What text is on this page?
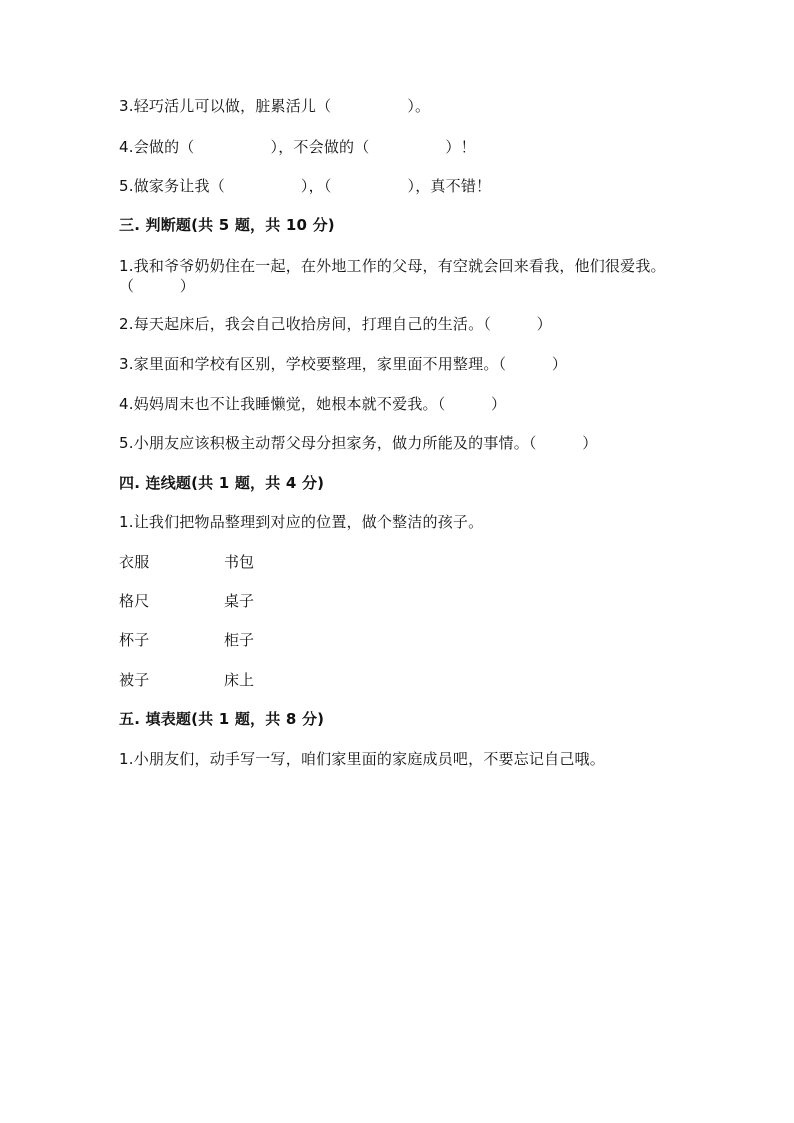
3.轻巧活儿可以做，脏累活儿（　　　　　）。
4.会做的（　　　　　），不会做的（　　　　　）！
5.做家务让我（　　　　　），（　　　　　），真不错！
三. 判断题(共 5 题，共 10 分)
1.我和爷爷奶奶住在一起，在外地工作的父母，有空就会回来看我，他们很爱我。（　　　）
2.每天起床后，我会自己收拾房间，打理自己的生活。（　　　）
3.家里面和学校有区别，学校要整理，家里面不用整理。（　　　）
4.妈妈周末也不让我睡懒觉，她根本就不爱我。（　　　）
5.小朋友应该积极主动帮父母分担家务，做力所能及的事情。（　　　）
四. 连线题(共 1 题，共 4 分)
1.让我们把物品整理到对应的位置，做个整洁的孩子。
衣服	书包
格尺	桌子
杯子	柜子
被子	床上
五. 填表题(共 1 题，共 8 分)
1.小朋友们，动手写一写，咱们家里面的家庭成员吧，不要忘记自己哦。
